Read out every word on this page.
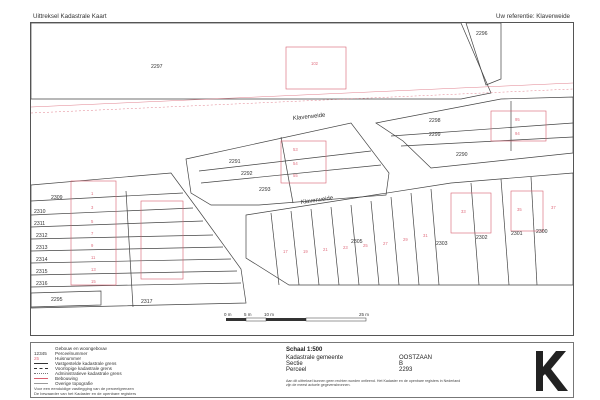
Uittreksel Kadastrale Kaart	Uw referentie: Klaverweide
Klaverweide
Klaverweide
2297
2298
2299
2290
2291
2292
2293
2309
2310
2311
2312
2313
2314
2315
2316
2317
2305	2303
2302
2301	2300
2296
2295
102
95
94
53
54
55
1
3
5
7
9
11
13
15
17	19	21	23	25	27
29
31
33	35	37
0 m	5 m	10 m	25 m
Gebouw en woongebouw
12345	Perceelnummer
25	Huisnummer
Vastgestelde kadastrale grens
Voorlopige kadastrale grens
Administratieve kadastrale grens
Bebouwing
Overige topografie
Voor een eenduidige vastlegging van de perceelgrenzen
De bewaarder van het Kadaster en de openbare registers
Schaal 1:500
Kadastrale gemeente	OOSTZAAN
Sectie	B
Perceel	2293
Aan dit uittreksel kunnen geen rechten worden ontleend. Het Kadaster en de openbare registers in Nederland zijn de meest actuele gegevensbronnen.
